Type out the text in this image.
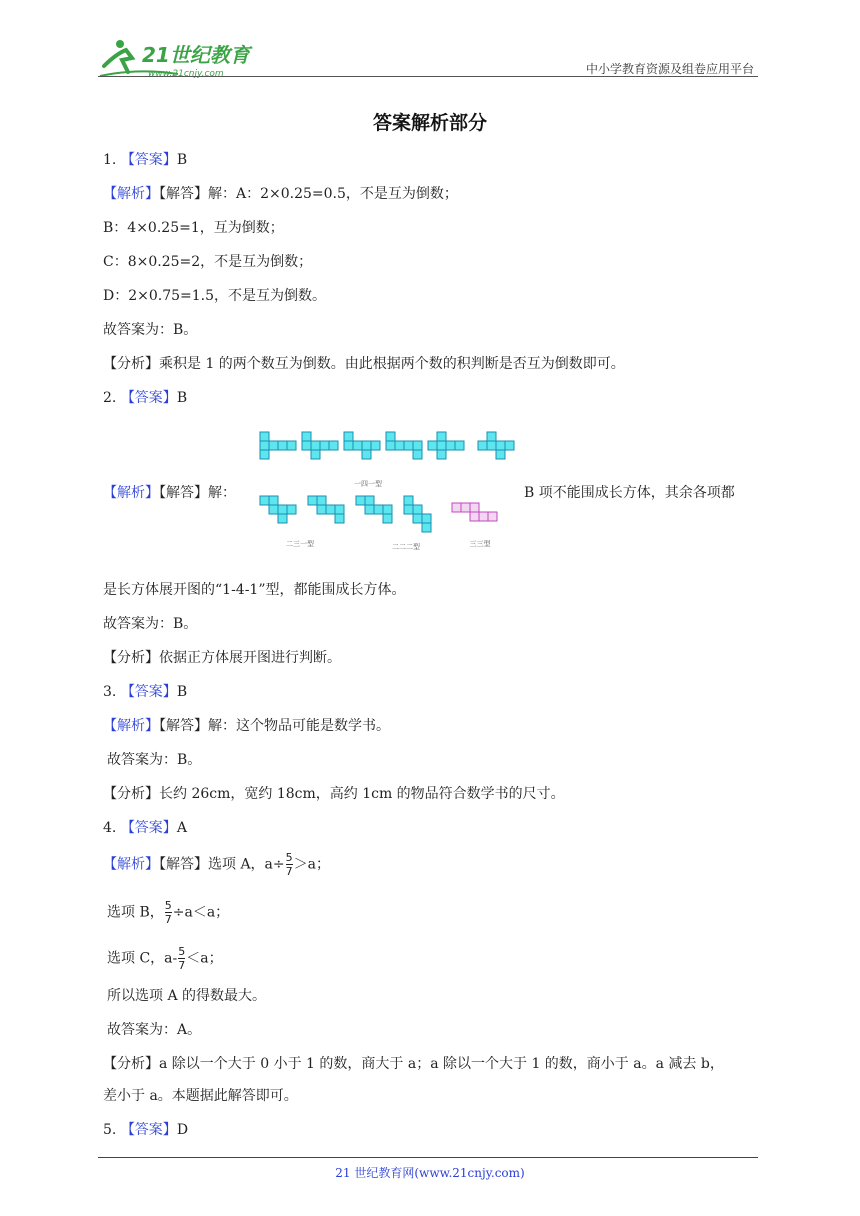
21世纪教育
www.21cnjy.com	中小学教育资源及组卷应用平台
答案解析部分
1. 【答案】B
【解析】【解答】解：A：2×0.25=0.5，不是互为倒数；
B：4×0.25=1，互为倒数；
C：8×0.25=2，不是互为倒数；
D：2×0.75=1.5，不是互为倒数。
故答案为：B。
【分析】乘积是 1 的两个数互为倒数。由此根据两个数的积判断是否互为倒数即可。
2. 【答案】B
【解析】【解答】解：	B 项不能围成长方体，其余各项都
一四一型
二三一型	二二二型	三三型
是长方体展开图的“1-4-1”型，都能围成长方体。
故答案为：B。
【分析】依据正方体展开图进行判断。
3. 【答案】B
【解析】【解答】解：这个物品可能是数学书。
故答案为：B。
【分析】长约 26cm，宽约 18cm，高约 1cm 的物品符合数学书的尺寸。
4. 【答案】A
【解析】【解答】选项 A，$a\div \frac{5}{7} >a$；
选项 B， $\frac{5}{7} \div a<a$；
选项 C，$a- \frac{5}{7} <a$；
所以选项 A 的得数最大。
故答案为：A。
【分析】a 除以一个大于 0 小于 1 的数，商大于 a；a 除以一个大于 1 的数，商小于 a。a 减去 b，
差小于 a。本题据此解答即可。
5. 【答案】D
21 世纪教育网(www.21cnjy.com)
